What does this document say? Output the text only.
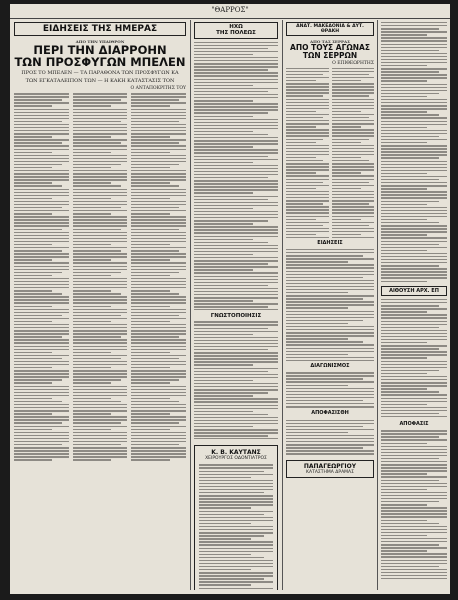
"ΘΑΡΡΟΣ"
ΕΙΔΗΣΕΙΣ ΤΗΣ ΗΜΕΡΑΣ
ΑΠΟ ΤΗΝ ΥΠΑΙΘΡΟΝ
ΠΕΡΙ ΤΗΝ ΔΙΑΡΡΟΗΝ
ΤΩΝ ΠΡΟΣΦΥΓΩΝ ΜΠΕΛΕΝ
ΠΡΟΣ ΤΟ ΜΠΕΛΕΝ — ΤΑ ΠΑΡΑΘΟΝΑ ΤΩΝ ΠΡΟΣΦΥΓΩΝ ΚΑ
ΤΩΝ ΕΓΚΑΤΑΛΕΙΠΟΝ ΤΩΝ — Η ΚΑΚΗ ΚΑΤΑΣΤΑΣΙΣ ΤΟΝ
Ο ΑΝΤΑΠΟΚΡΙΤΗΣ ΤΟΥ
ΗΧΩ
ΤΗΣ ΠΟΛΕΩΣ
ΓΝΩΣΤΟΠΟΙΗΣΙΣ
Κ. Β. ΚΑΥΤΑΝΣ
ΧΕΙΡΟΥΡΓΟΣ ΟΔΟΝΤΙΑΤΡΟΣ
ΑΝΑΤ. ΜΑΚΕΔΟΝΙΑ & ΔΥΤ. ΘΡΑΚΗ
ΑΠΟ ΤΑΣ ΣΕΡΡΑΣ
ΑΠΟ ΤΟΥΣ ΑΓΩΝΑΣ
ΤΩΝ ΣΕΡΡΩΝ
Ο ΕΠΙΘΕΩΡΗΤΗΣ
ΕΙΔΗΣΕΙΣ
ΔΙΑΓΩΝΙΣΜΟΣ
ΑΠΟΦΑΣΙΣΘΗ
ΠΑΠΑΓΕΩΡΓΙΟΥ
ΚΑΤΑΣΤΗΜΑ ΔΡΑΜΑΣ
ΑΙΘΟΥΣΗ ΑΡΧ. ΕΠ
ΑΠΟΦΑΣΙΣ
